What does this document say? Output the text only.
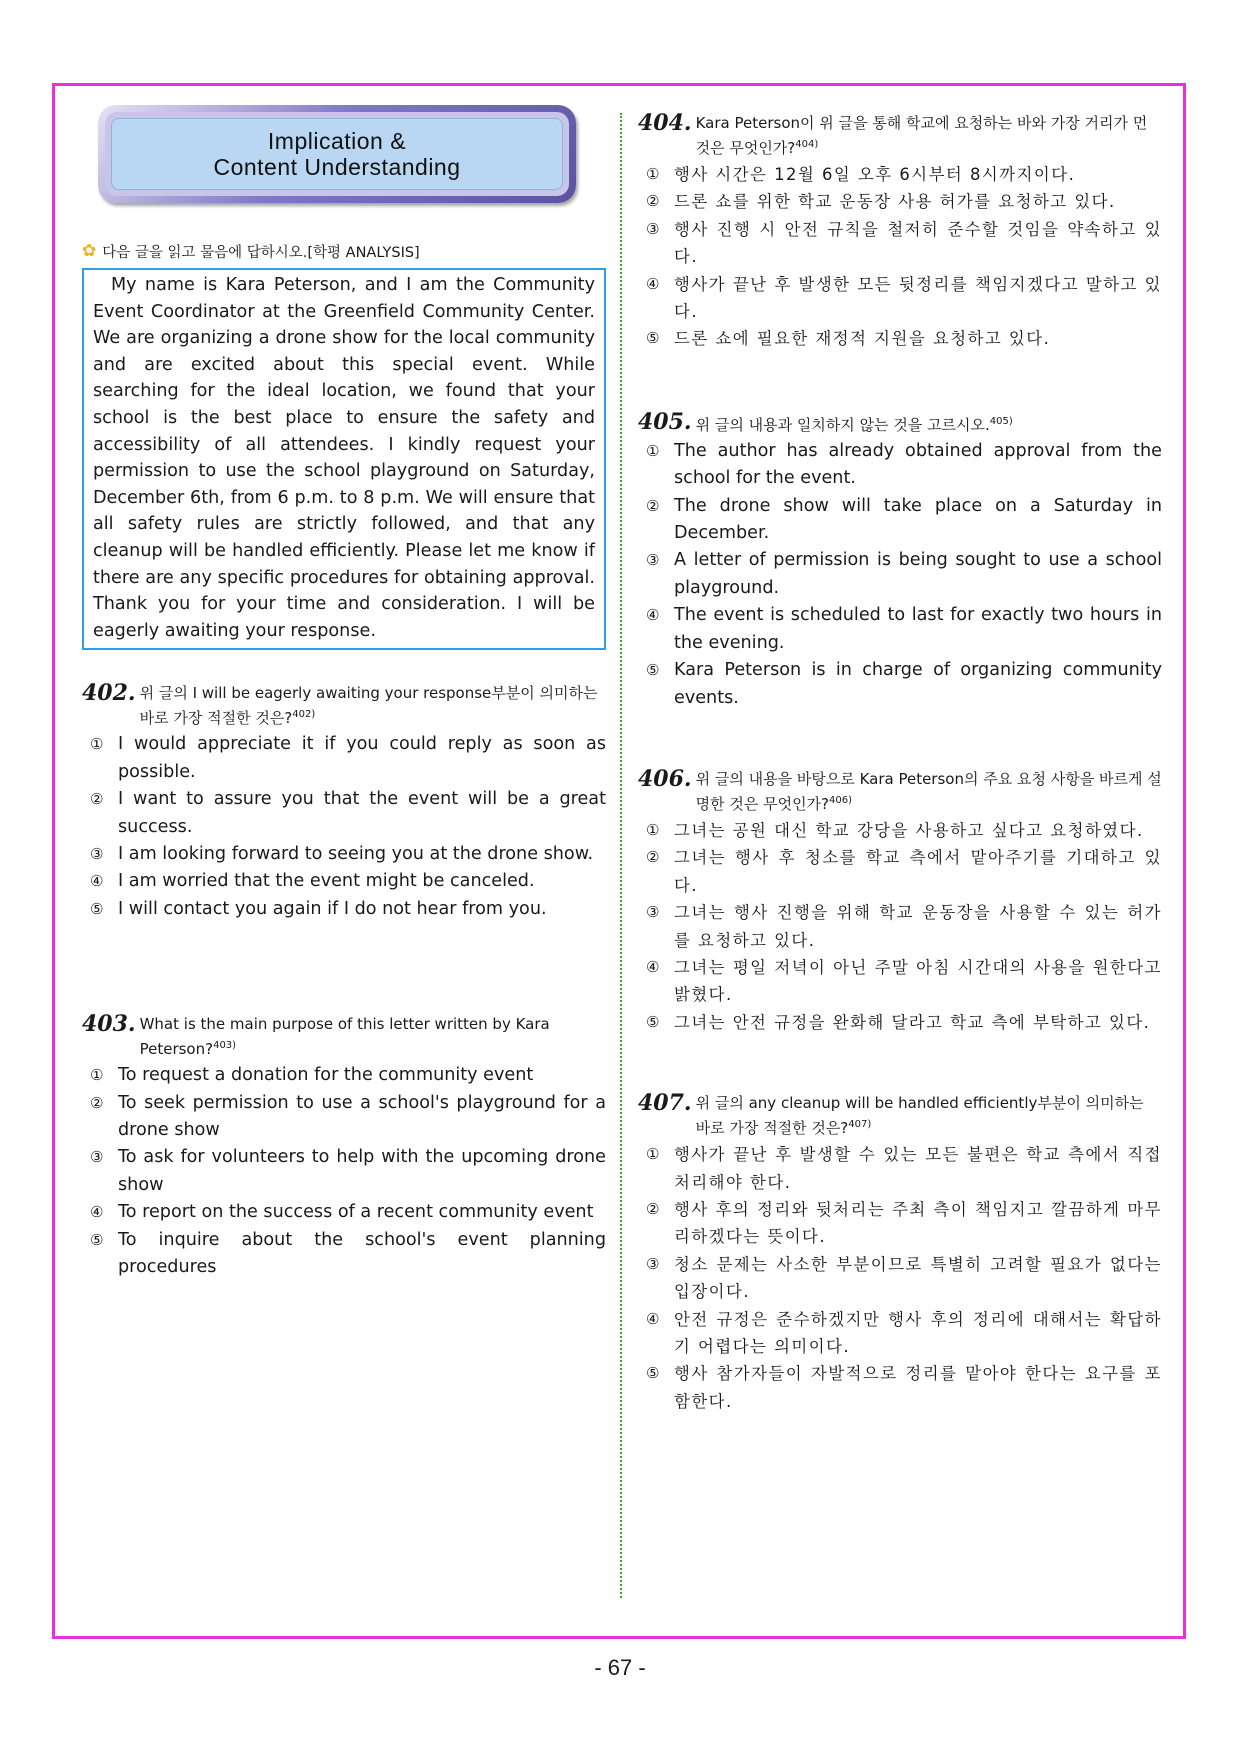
Implication &
Content Understanding
✿ 다음 글을 읽고 물음에 답하시오.[학평 ANALYSIS]
My name is Kara Peterson, and I am the Community Event Coordinator at the Greenfield Community Center. We are organizing a drone show for the local community and are excited about this special event. While searching for the ideal location, we found that your school is the best place to ensure the safety and accessibility of all attendees. I kindly request your permission to use the school playground on Saturday, December 6th, from 6 p.m. to 8 p.m. We will ensure that all safety rules are strictly followed, and that any cleanup will be handled efficiently. Please let me know if there are any specific procedures for obtaining approval. Thank you for your time and consideration. I will be eagerly awaiting your response.
402. 위 글의 I will be eagerly awaiting your response부분이 의미하는 바로 가장 적절한 것은?$^{402)}$
① I would appreciate it if you could reply as soon as possible.
② I want to assure you that the event will be a great success.
③ I am looking forward to seeing you at the drone show.
④ I am worried that the event might be canceled.
⑤ I will contact you again if I do not hear from you.
403. What is the main purpose of this letter written by Kara Peterson?$^{403)}$
① To request a donation for the community event
② To seek permission to use a school's playground for a drone show
③ To ask for volunteers to help with the upcoming drone show
④ To report on the success of a recent community event
⑤ To inquire about the school's event planning procedures
404. Kara Peterson이 위 글을 통해 학교에 요청하는 바와 가장 거리가 먼 것은 무엇인가?$^{404)}$
① 행사 시간은 12월 6일 오후 6시부터 8시까지이다.
② 드론 쇼를 위한 학교 운동장 사용 허가를 요청하고 있다.
③ 행사 진행 시 안전 규칙을 철저히 준수할 것임을 약속하고 있다.
④ 행사가 끝난 후 발생한 모든 뒷정리를 책임지겠다고 말하고 있다.
⑤ 드론 쇼에 필요한 재정적 지원을 요청하고 있다.
405. 위 글의 내용과 일치하지 않는 것을 고르시오.$^{405)}$
① The author has already obtained approval from the school for the event.
② The drone show will take place on a Saturday in December.
③ A letter of permission is being sought to use a school playground.
④ The event is scheduled to last for exactly two hours in the evening.
⑤ Kara Peterson is in charge of organizing community events.
406. 위 글의 내용을 바탕으로 Kara Peterson의 주요 요청 사항을 바르게 설명한 것은 무엇인가?$^{406)}$
① 그녀는 공원 대신 학교 강당을 사용하고 싶다고 요청하였다.
② 그녀는 행사 후 청소를 학교 측에서 맡아주기를 기대하고 있다.
③ 그녀는 행사 진행을 위해 학교 운동장을 사용할 수 있는 허가를 요청하고 있다.
④ 그녀는 평일 저녁이 아닌 주말 아침 시간대의 사용을 원한다고 밝혔다.
⑤ 그녀는 안전 규정을 완화해 달라고 학교 측에 부탁하고 있다.
407. 위 글의 any cleanup will be handled efficiently부분이 의미하는 바로 가장 적절한 것은?$^{407)}$
① 행사가 끝난 후 발생할 수 있는 모든 불편은 학교 측에서 직접 처리해야 한다.
② 행사 후의 정리와 뒷처리는 주최 측이 책임지고 깔끔하게 마무리하겠다는 뜻이다.
③ 청소 문제는 사소한 부분이므로 특별히 고려할 필요가 없다는 입장이다.
④ 안전 규정은 준수하겠지만 행사 후의 정리에 대해서는 확답하기 어렵다는 의미이다.
⑤ 행사 참가자들이 자발적으로 정리를 맡아야 한다는 요구를 포함한다.
- 67 -
